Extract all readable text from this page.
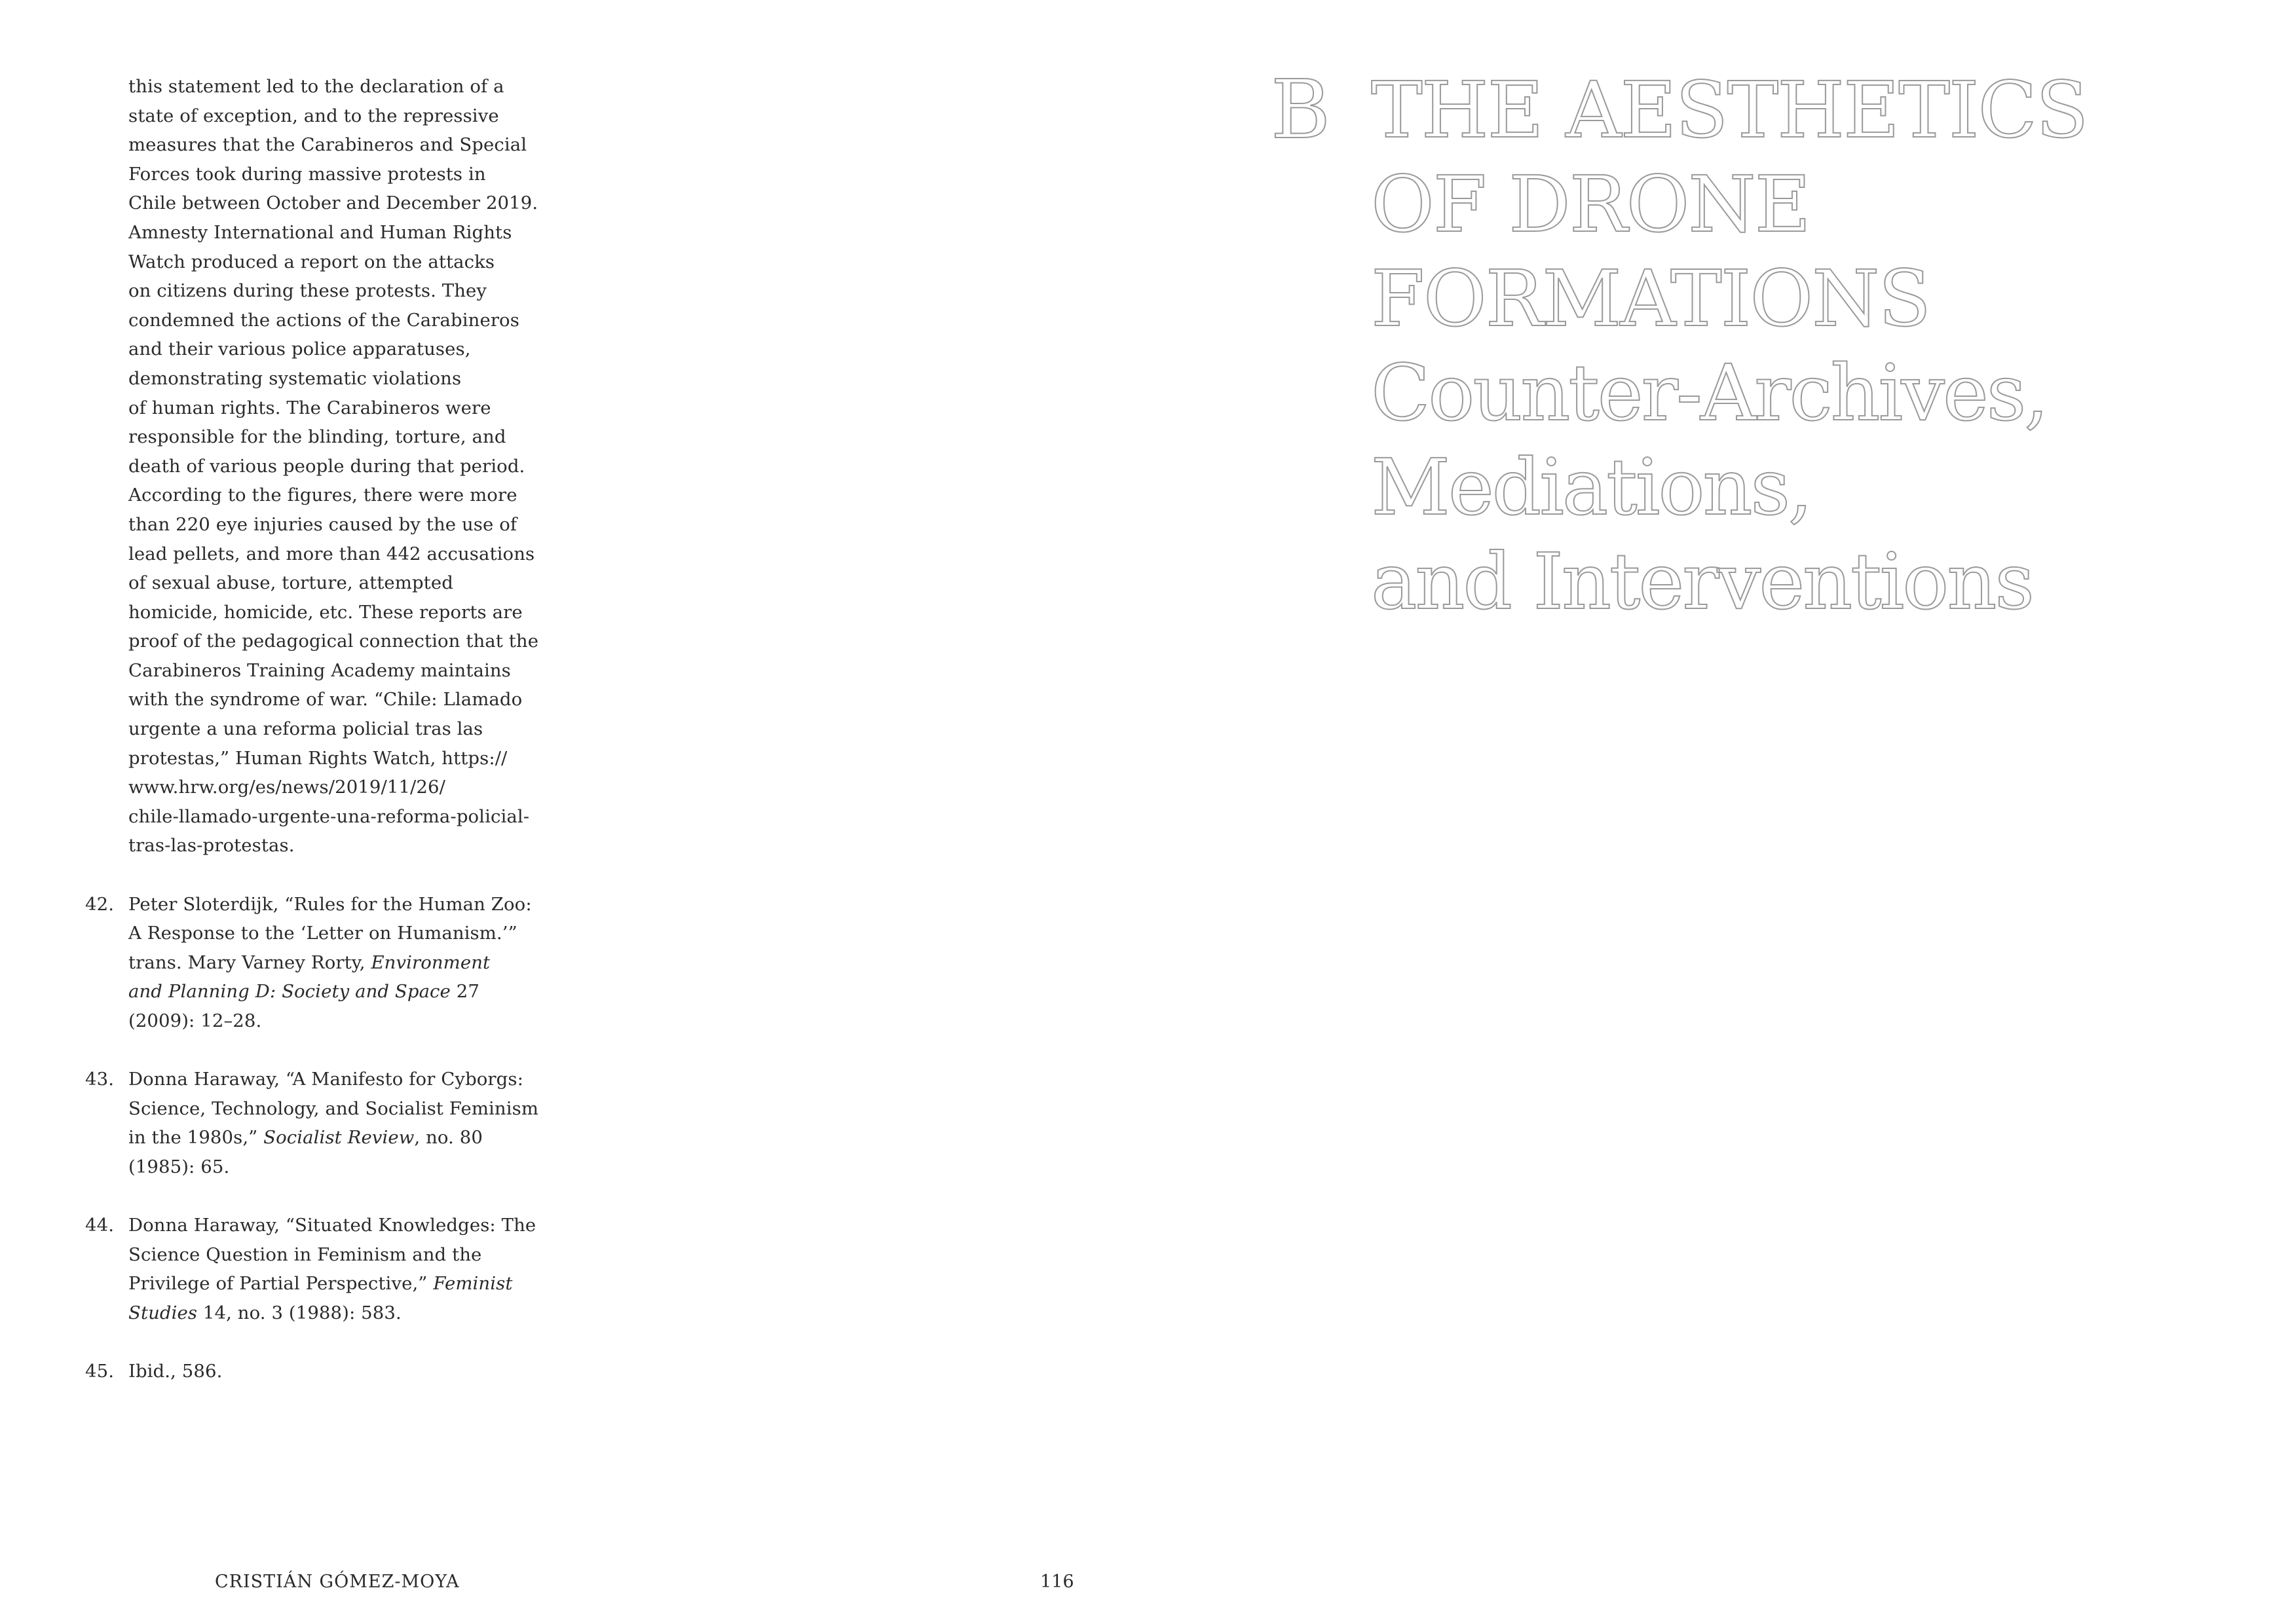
this statement led to the declaration of a
state of exception, and to the repressive
measures that the Carabineros and Special
Forces took during massive protests in
Chile between October and December 2019.
Amnesty International and Human Rights
Watch produced a report on the attacks
on citizens during these protests. They
condemned the actions of the Carabineros
and their various police apparatuses,
demonstrating systematic violations
of human rights. The Carabineros were
responsible for the blinding, torture, and
death of various people during that period.
According to the figures, there were more
than 220 eye injuries caused by the use of
lead pellets, and more than 442 accusations
of sexual abuse, torture, attempted
homicide, homicide, etc. These reports are
proof of the pedagogical connection that the
Carabineros Training Academy maintains
with the syndrome of war. “Chile: Llamado
urgente a una reforma policial tras las
protestas,” Human Rights Watch, https://
www.hrw.org/es/news/2019/11/26/
chile-llamado-urgente-una-reforma-policial-
tras-las-protestas.
42. Peter Sloterdijk, “Rules for the Human Zoo:
A Response to the ‘Letter on Humanism.’”
trans. Mary Varney Rorty, Environment
and Planning D: Society and Space 27
(2009): 12–28.
43. Donna Haraway, “A Manifesto for Cyborgs:
Science, Technology, and Socialist Feminism
in the 1980s,” Socialist Review, no. 80
(1985): 65.
44. Donna Haraway, “Situated Knowledges: The
Science Question in Feminism and the
Privilege of Partial Perspective,” Feminist
Studies 14, no. 3 (1988): 583.
45. Ibid., 586.
CRISTIÁN GÓMEZ-MOYA	116
B THE AESTHETICS
OF DRONE
FORMATIONS
Counter-Archives,
Mediations,
and Interventions
